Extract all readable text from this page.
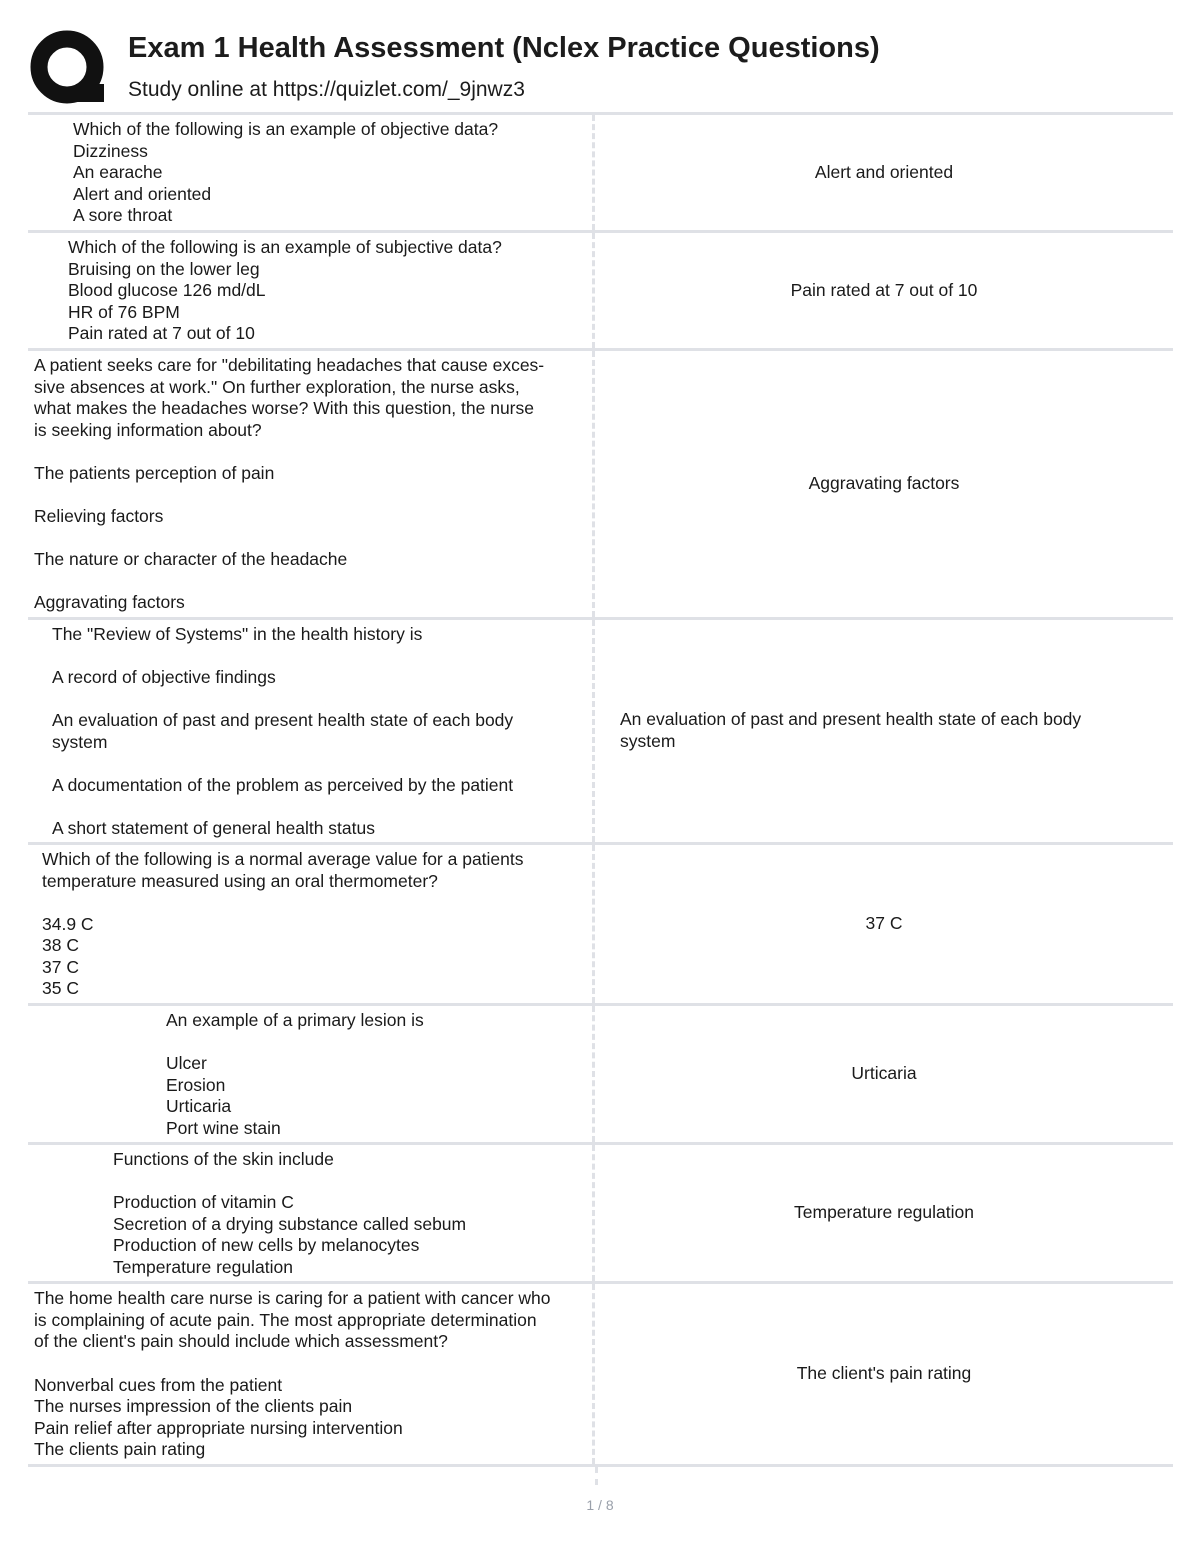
Exam 1 Health Assessment (Nclex Practice Questions)
Study online at https://quizlet.com/_9jnwz3
Which of the following is an example of objective data?
Dizziness
An earache
Alert and oriented
A sore throat
Alert and oriented
Which of the following is an example of subjective data?
Bruising on the lower leg
Blood glucose 126 md/dL
HR of 76 BPM
Pain rated at 7 out of 10
Pain rated at 7 out of 10
A patient seeks care for "debilitating headaches that cause exces-
sive absences at work." On further exploration, the nurse asks,
what makes the headaches worse? With this question, the nurse
is seeking information about?

The patients perception of pain

Relieving factors

The nature or character of the headache

Aggravating factors
Aggravating factors
The "Review of Systems" in the health history is

A record of objective findings

An evaluation of past and present health state of each body
system

A documentation of the problem as perceived by the patient

A short statement of general health status
An evaluation of past and present health state of each body
system
Which of the following is a normal average value for a patients
temperature measured using an oral thermometer?

34.9 C
38 C
37 C
35 C
37 C
An example of a primary lesion is

Ulcer
Erosion
Urticaria
Port wine stain
Urticaria
Functions of the skin include

Production of vitamin C
Secretion of a drying substance called sebum
Production of new cells by melanocytes
Temperature regulation
Temperature regulation
The home health care nurse is caring for a patient with cancer who
is complaining of acute pain. The most appropriate determination
of the client's pain should include which assessment?

Nonverbal cues from the patient
The nurses impression of the clients pain
Pain relief after appropriate nursing intervention
The clients pain rating
The client's pain rating
1 / 8
